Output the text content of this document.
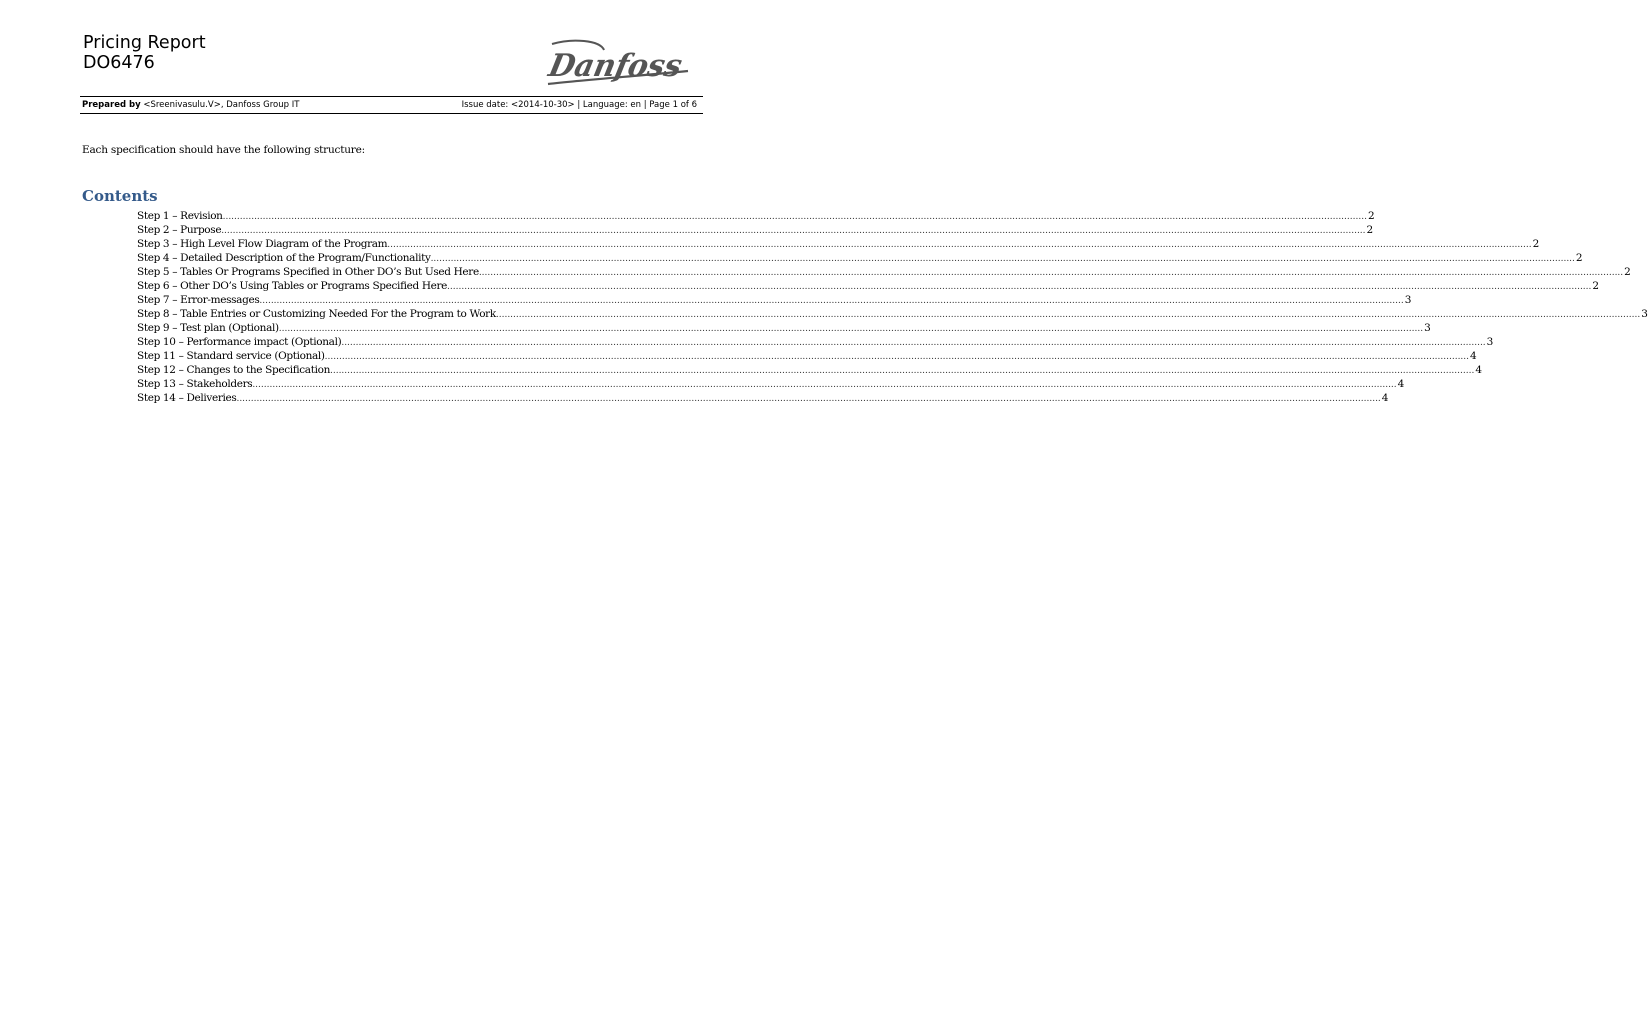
Pricing Report
DO6476	Danfoss
Prepared by <Sreenivasulu.V>, Danfoss Group IT	Issue date: <2014-10-30> | Language: en | Page 1 of 6
Each specification should have the following structure:
Contents
Step 1 – Revision ................................................................................................................................................................................................................................................................................................................................................................................................................ 2
Step 2 – Purpose ................................................................................................................................................................................................................................................................................................................................................................................................................ 2
Step 3 – High Level Flow Diagram of the Program ................................................................................................................................................................................................................................................................................................................................................................................................................ 2
Step 4 – Detailed Description of the Program/Functionality ................................................................................................................................................................................................................................................................................................................................................................................................................ 2
Step 5 – Tables Or Programs Specified in Other DO’s But Used Here ................................................................................................................................................................................................................................................................................................................................................................................................................ 2
Step 6 – Other DO’s Using Tables or Programs Specified Here ................................................................................................................................................................................................................................................................................................................................................................................................................ 2
Step 7 – Error-messages ................................................................................................................................................................................................................................................................................................................................................................................................................ 3
Step 8 – Table Entries or Customizing Needed For the Program to Work ................................................................................................................................................................................................................................................................................................................................................................................................................ 3
Step 9 – Test plan (Optional) ................................................................................................................................................................................................................................................................................................................................................................................................................ 3
Step 10 – Performance impact (Optional) ................................................................................................................................................................................................................................................................................................................................................................................................................ 3
Step 11 – Standard service (Optional) ................................................................................................................................................................................................................................................................................................................................................................................................................ 4
Step 12 – Changes to the Specification ................................................................................................................................................................................................................................................................................................................................................................................................................ 4
Step 13 – Stakeholders ................................................................................................................................................................................................................................................................................................................................................................................................................ 4
Step 14 – Deliveries ................................................................................................................................................................................................................................................................................................................................................................................................................ 4
